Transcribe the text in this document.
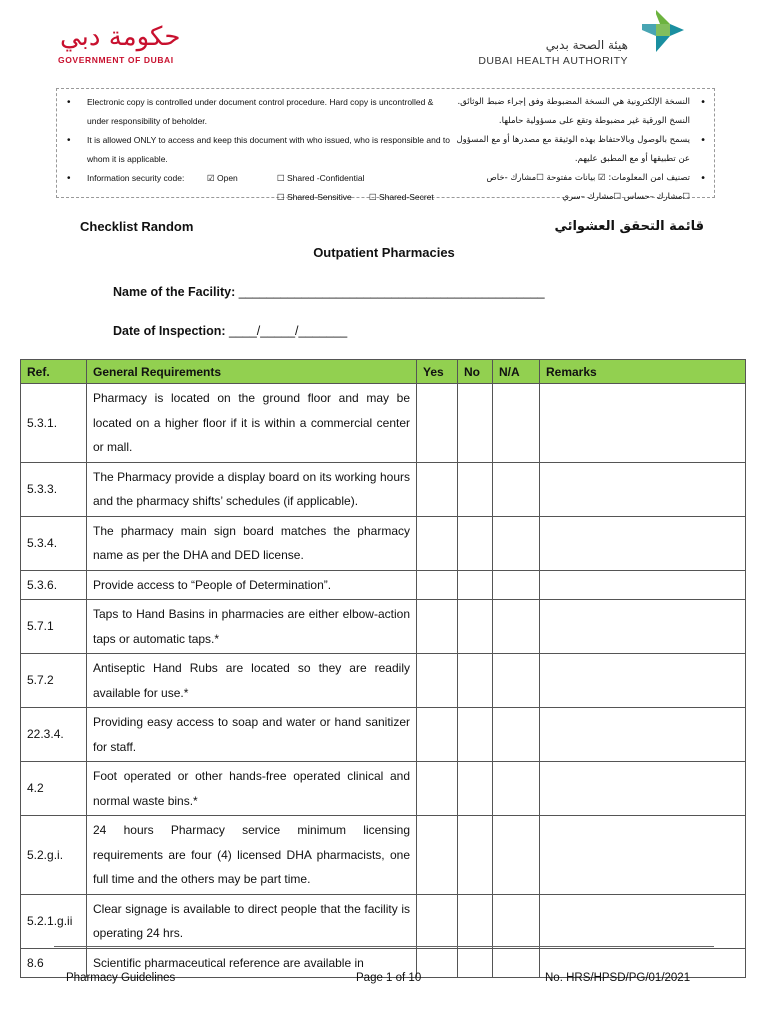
حكومة دبي
GOVERNMENT OF DUBAI
هيئة الصحة بدبي
DUBAI HEALTH AUTHORITY
• Electronic copy is controlled under document control procedure. Hard copy is uncontrolled & under responsibility of beholder.
• It is allowed ONLY to access and keep this document with who issued, who is responsible and to whom it is applicable.
• Information security code:	☑ Open	☐ Shared -Confidential
☐ Shared-Sensitive	☐ Shared-Secret
• النسخة الإلكترونية هي النسخة المضبوطة وفق إجراء ضبط الوثائق. النسخ الورقية غير مضبوطة وتقع على مسؤولية حاملها.
• يسمح بالوصول وبالاحتفاظ بهذه الوثيقة مع مصدرها أو مع المسؤول عن تطبيقها أو مع المطبق عليهم.
• تصنيف امن المعلومات: ☑ بيانات مفتوحة ☐مشارك -خاص
☐مشارك –حساس ☐مشارك –سري
Checklist Random	قائمة التحقق العشوائي
Outpatient Pharmacies
Name of the Facility: ____________________________________________
Date of Inspection: ____/_____/_______
Ref.	General Requirements	Yes	No	N/A	Remarks
5.3.1.	Pharmacy is located on the ground floor and may be located on a higher floor if it is within a commercial center or mall.				
5.3.3.	The Pharmacy provide a display board on its working hours and the pharmacy shifts’ schedules (if applicable).				
5.3.4.	The pharmacy main sign board matches the pharmacy name as per the DHA and DED license.				
5.3.6.	Provide access to “People of Determination”.				
5.7.1	Taps to Hand Basins in pharmacies are either elbow-action taps or automatic taps.*				
5.7.2	Antiseptic Hand Rubs are located so they are readily available for use.*				
22.3.4.	Providing easy access to soap and water or hand sanitizer for staff.				
4.2	Foot operated or other hands-free operated clinical and normal waste bins.*				
5.2.g.i.	24 hours Pharmacy service minimum licensing requirements are four (4) licensed DHA pharmacists, one full time and the others may be part time.				
5.2.1.g.ii	Clear signage is available to direct people that the facility is operating 24 hrs.				
8.6	Scientific pharmaceutical reference are available in				
Pharmacy Guidelines	Page 1 of 10	No. HRS/HPSD/PG/01/2021
